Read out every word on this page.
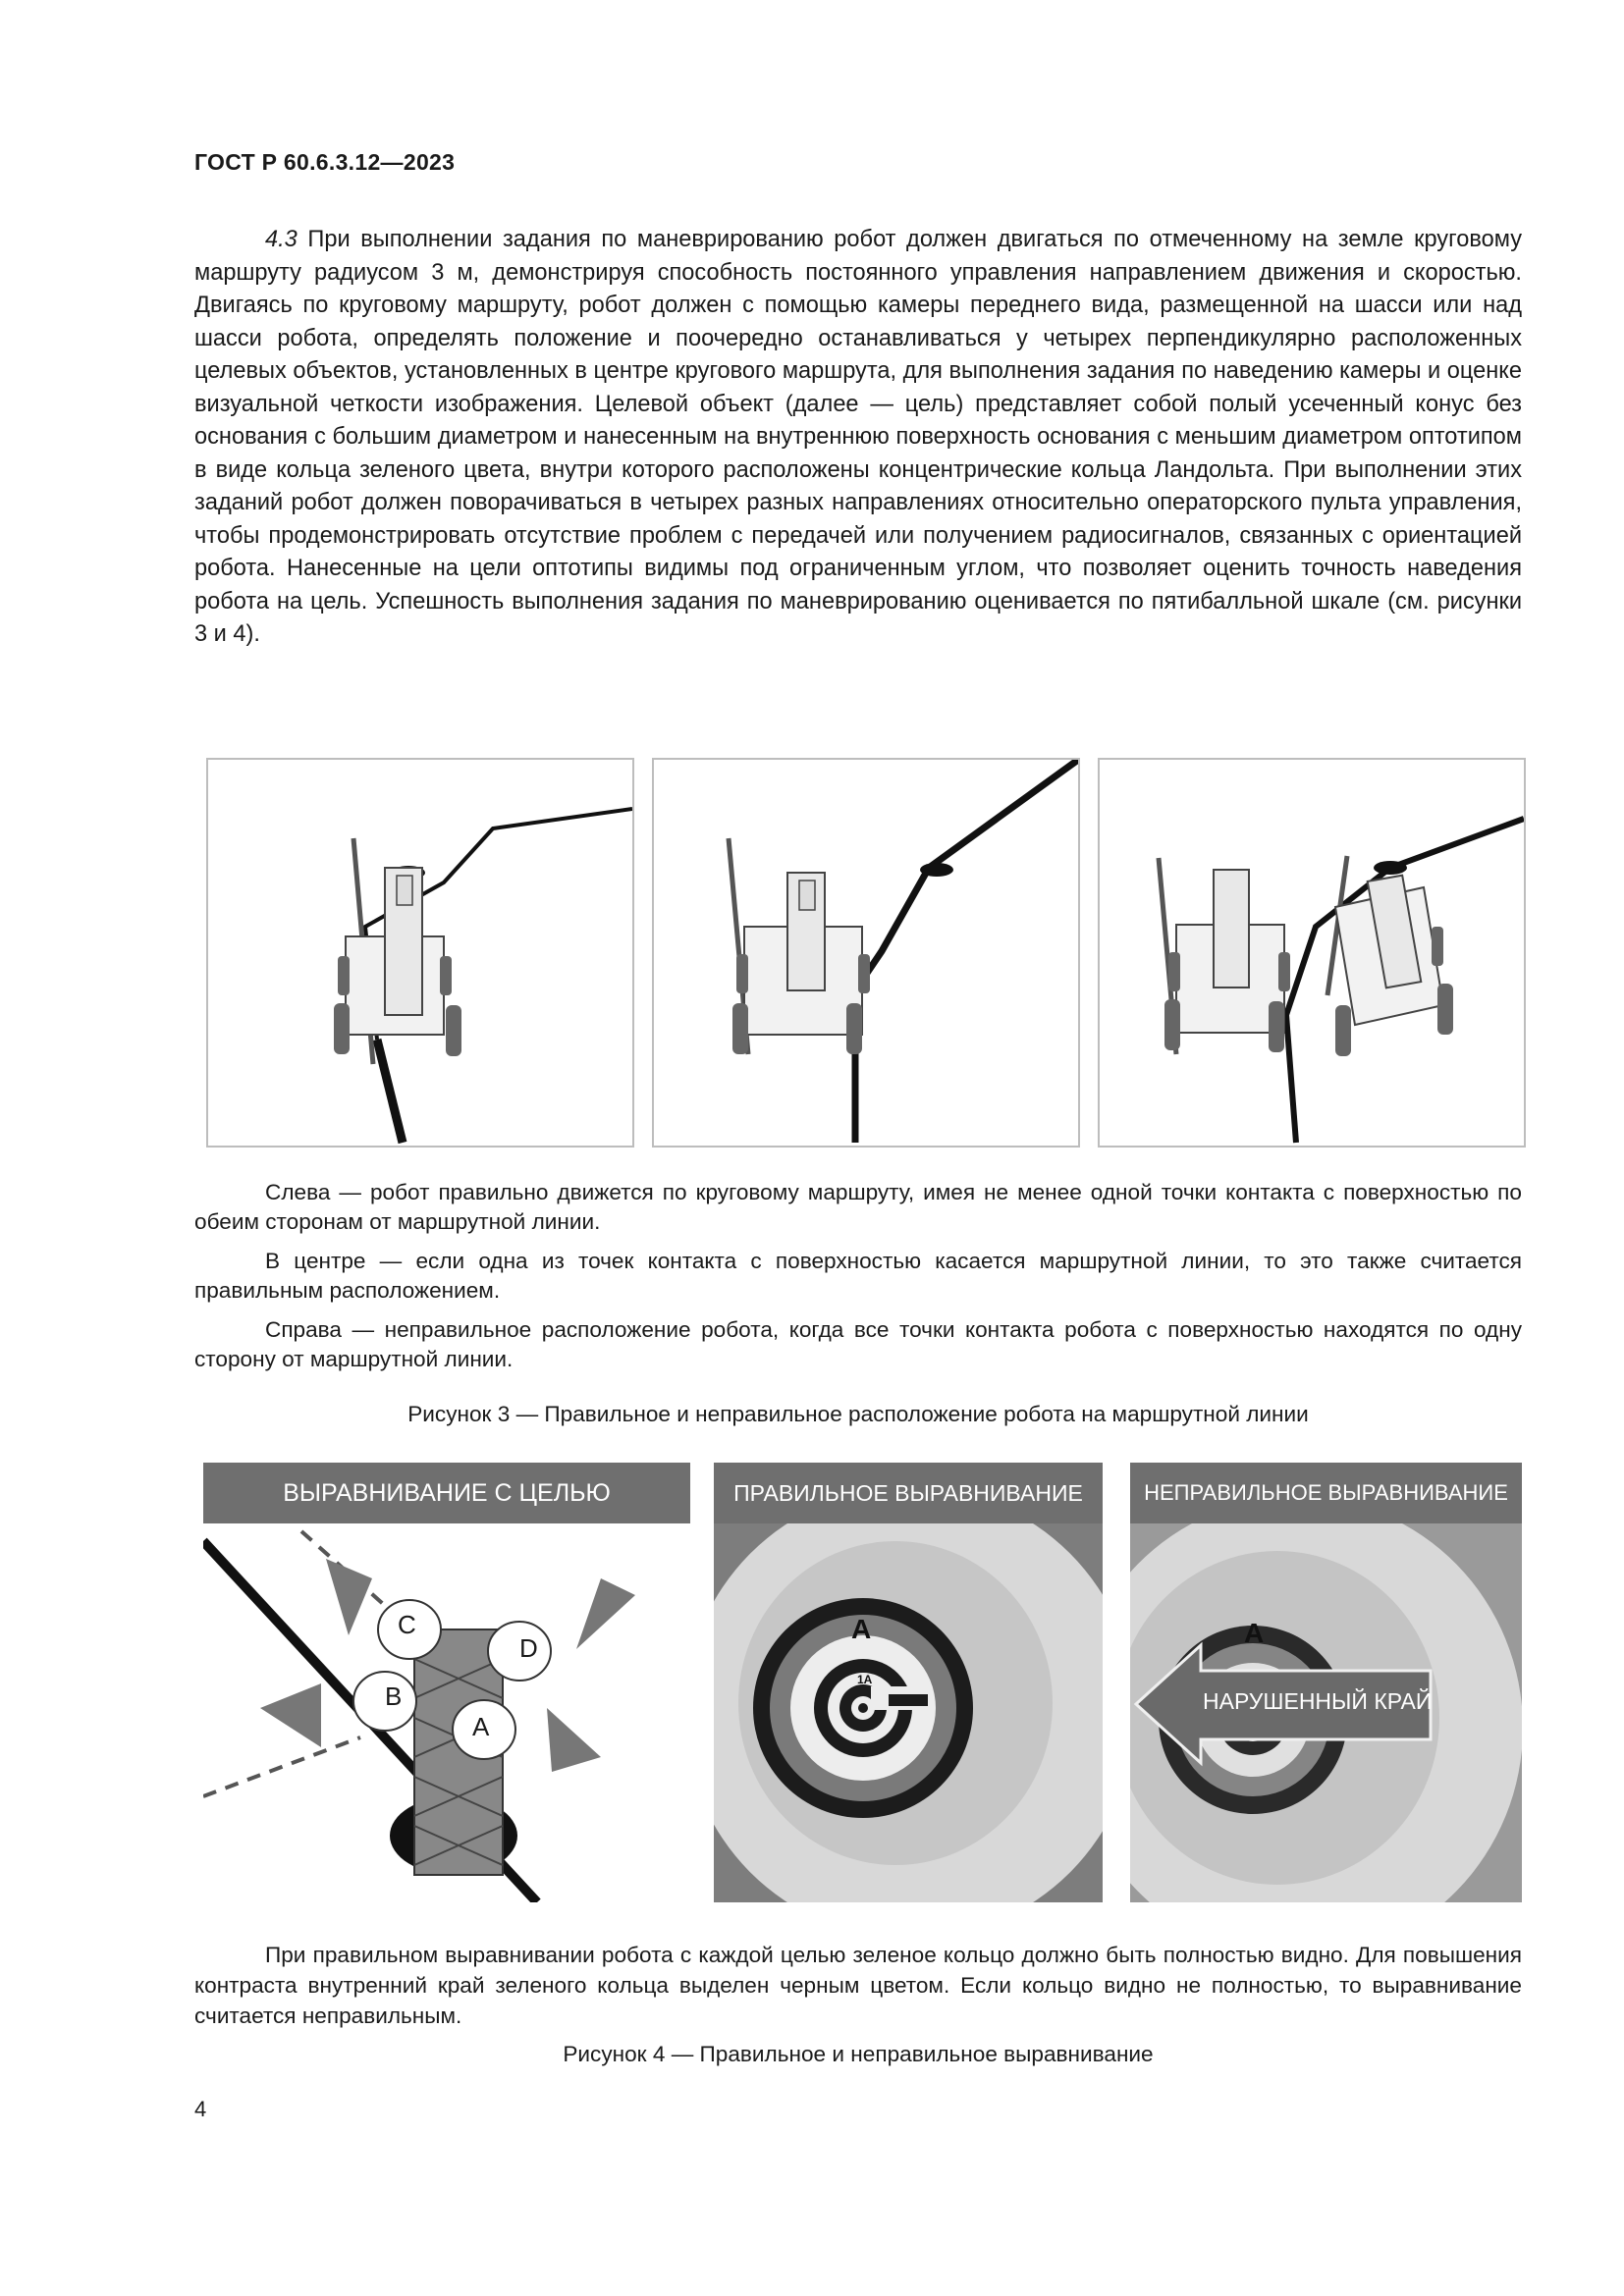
ГОСТ Р 60.6.3.12—2023
4.3 При выполнении задания по маневрированию робот должен двигаться по отмеченному на земле круговому маршруту радиусом 3 м, демонстрируя способность постоянного управления направлением движения и скоростью. Двигаясь по круговому маршруту, робот должен с помощью камеры переднего вида, размещенной на шасси или над шасси робота, определять положение и поочередно останавливаться у четырех перпендикулярно расположенных целевых объектов, установленных в центре кругового маршрута, для выполнения задания по наведению камеры и оценке визуальной четкости изображения. Целевой объект (далее — цель) представляет собой полый усеченный конус без основания с большим диаметром и нанесенным на внутреннюю поверхность основания с меньшим диаметром оптотипом в виде кольца зеленого цвета, внутри которого расположены концентрические кольца Ландольта. При выполнении этих заданий робот должен поворачиваться в четырех разных направлениях относительно операторского пульта управления, чтобы продемонстрировать отсутствие проблем с передачей или получением радиосигналов, связанных с ориентацией робота. Нанесенные на цели оптотипы видимы под ограниченным углом, что позволяет оценить точность наведения робота на цель. Успешность выполнения задания по маневрированию оценивается по пятибалльной шкале (см. рисунки 3 и 4).
Слева — робот правильно движется по круговому маршруту, имея не менее одной точки контакта с поверхностью по обеим сторонам от маршрутной линии.
В центре — если одна из точек контакта с поверхностью касается маршрутной линии, то это также считается правильным расположением.
Справа — неправильное расположение робота, когда все точки контакта робота с поверхностью находятся по одну сторону от маршрутной линии.
Рисунок 3 — Правильное и неправильное расположение робота на маршрутной линии
ВЫРАВНИВАНИЕ С ЦЕЛЬЮ
C
D
B
A
ПРАВИЛЬНОЕ ВЫРАВНИВАНИЕ
A
1A
НЕПРАВИЛЬНОЕ ВЫРАВНИВАНИЕ
A
НАРУШЕННЫЙ КРАЙ
При правильном выравнивании робота с каждой целью зеленое кольцо должно быть полностью видно. Для повышения контраста внутренний край зеленого кольца выделен черным цветом. Если кольцо видно не полностью, то выравнивание считается неправильным.
Рисунок 4 — Правильное и неправильное выравнивание
4
